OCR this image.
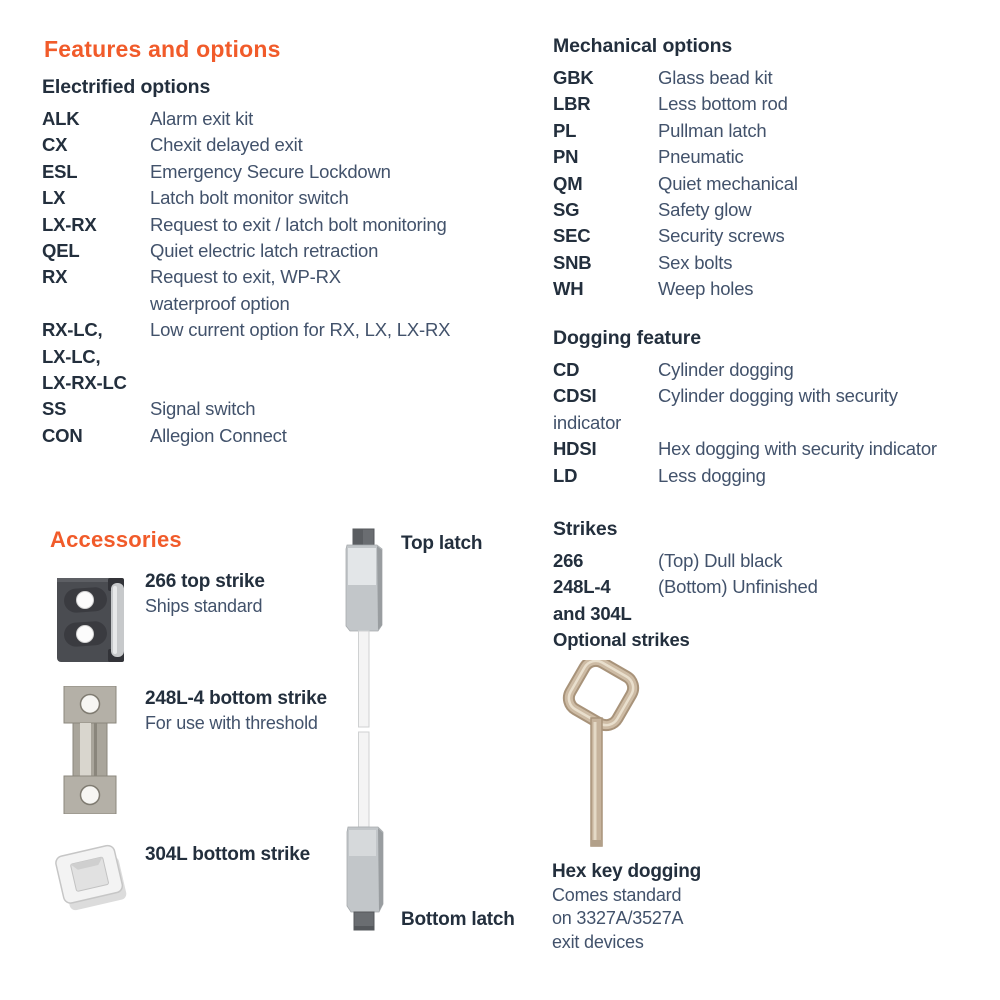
Features and options
Electrified options
ALK	Alarm exit kit
CX	Chexit delayed exit
ESL	Emergency Secure Lockdown
LX	Latch bolt monitor switch
LX-RX	Request to exit / latch bolt monitoring
QEL	Quiet electric latch retraction
RX	Request to exit, WP-RX
waterproof option
RX-LC,	Low current option for RX, LX, LX-RX
LX-LC,
LX-RX-LC
SS	Signal switch
CON	Allegion Connect
Mechanical options
GBK	Glass bead kit
LBR	Less bottom rod
PL	Pullman latch
PN	Pneumatic
QM	Quiet mechanical
SG	Safety glow
SEC	Security screws
SNB	Sex bolts
WH	Weep holes
Dogging feature
CD	Cylinder dogging
CDSI	Cylinder dogging with security
indicator
HDSI	Hex dogging with security indicator
LD	Less dogging
Strikes
266	(Top) Dull black
248L-4	(Bottom) Unfinished
and 304L
Optional strikes
Accessories
266 top strike
Ships standard
248L-4 bottom strike
For use with threshold
304L bottom strike
Top latch
Bottom latch
Hex key dogging
Comes standard
on 3327A/3527A
exit devices
